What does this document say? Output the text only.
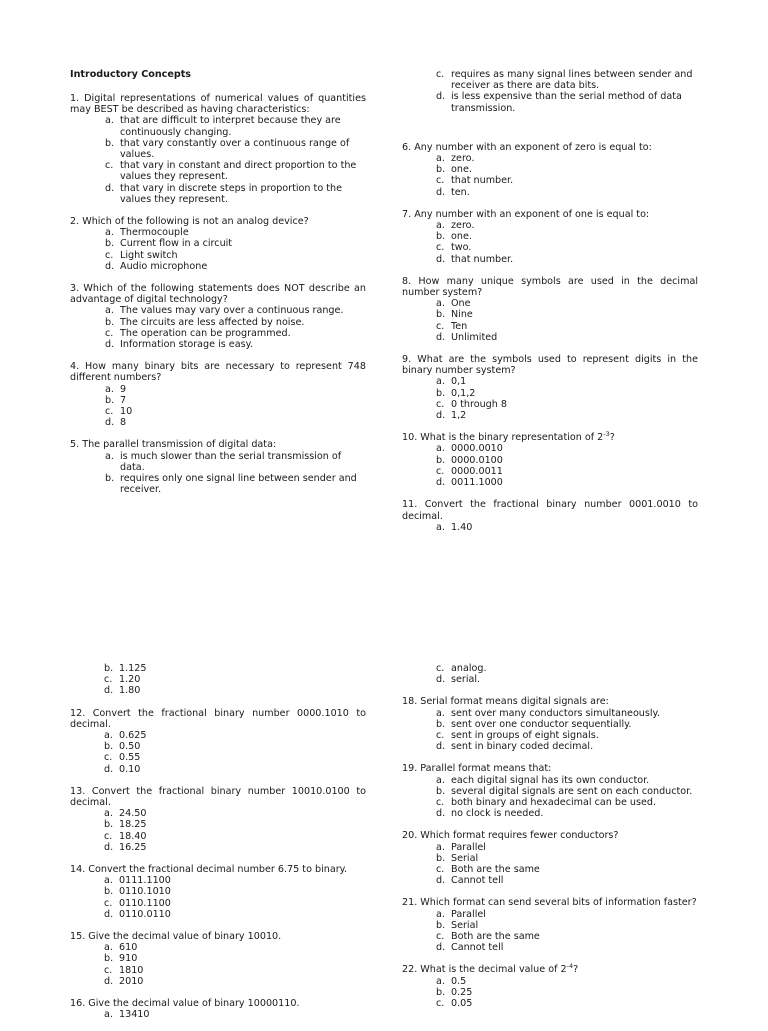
Introductory Concepts
1. Digital representations of numerical values of quantities may BEST be described as having characteristics:
a. that are difficult to interpret because they are continuously changing.
b. that vary constantly over a continuous range of values.
c. that vary in constant and direct proportion to the values they represent.
d. that vary in discrete steps in proportion to the values they represent.
2. Which of the following is not an analog device?
a. Thermocouple
b. Current flow in a circuit
c. Light switch
d. Audio microphone
3. Which of the following statements does NOT describe an advantage of digital technology?
a. The values may vary over a continuous range.
b. The circuits are less affected by noise.
c. The operation can be programmed.
d. Information storage is easy.
4. How many binary bits are necessary to represent 748 different numbers?
a. 9
b. 7
c. 10
d. 8
5. The parallel transmission of digital data:
a. is much slower than the serial transmission of data.
b. requires only one signal line between sender and receiver.
c. requires as many signal lines between sender and receiver as there are data bits.
d. is less expensive than the serial method of data transmission.
6. Any number with an exponent of zero is equal to:
a. zero.
b. one.
c. that number.
d. ten.
7. Any number with an exponent of one is equal to:
a. zero.
b. one.
c. two.
d. that number.
8. How many unique symbols are used in the decimal number system?
a. One
b. Nine
c. Ten
d. Unlimited
9. What are the symbols used to represent digits in the binary number system?
a. 0,1
b. 0,1,2
c. 0 through 8
d. 1,2
10. What is the binary representation of $2^{-3}$?
a. 0000.0010
b. 0000.0100
c. 0000.0011
d. 0011.1000
11. Convert the fractional binary number 0001.0010 to decimal.
a. 1.40
b. 1.125
c. 1.20
d. 1.80
12. Convert the fractional binary number 0000.1010 to decimal.
a. 0.625
b. 0.50
c. 0.55
d. 0.10
13. Convert the fractional binary number 10010.0100 to decimal.
a. 24.50
b. 18.25
c. 18.40
d. 16.25
14. Convert the fractional decimal number 6.75 to binary.
a. 0111.1100
b. 0110.1010
c. 0110.1100
d. 0110.0110
15. Give the decimal value of binary 10010.
a. 610
b. 910
c. 1810
d. 2010
16. Give the decimal value of binary 10000110.
a. 13410
c. analog.
d. serial.
18. Serial format means digital signals are:
a. sent over many conductors simultaneously.
b. sent over one conductor sequentially.
c. sent in groups of eight signals.
d. sent in binary coded decimal.
19. Parallel format means that:
a. each digital signal has its own conductor.
b. several digital signals are sent on each conductor.
c. both binary and hexadecimal can be used.
d. no clock is needed.
20. Which format requires fewer conductors?
a. Parallel
b. Serial
c. Both are the same
d. Cannot tell
21. Which format can send several bits of information faster?
a. Parallel
b. Serial
c. Both are the same
d. Cannot tell
22. What is the decimal value of $2^{-4}$?
a. 0.5
b. 0.25
c. 0.05
